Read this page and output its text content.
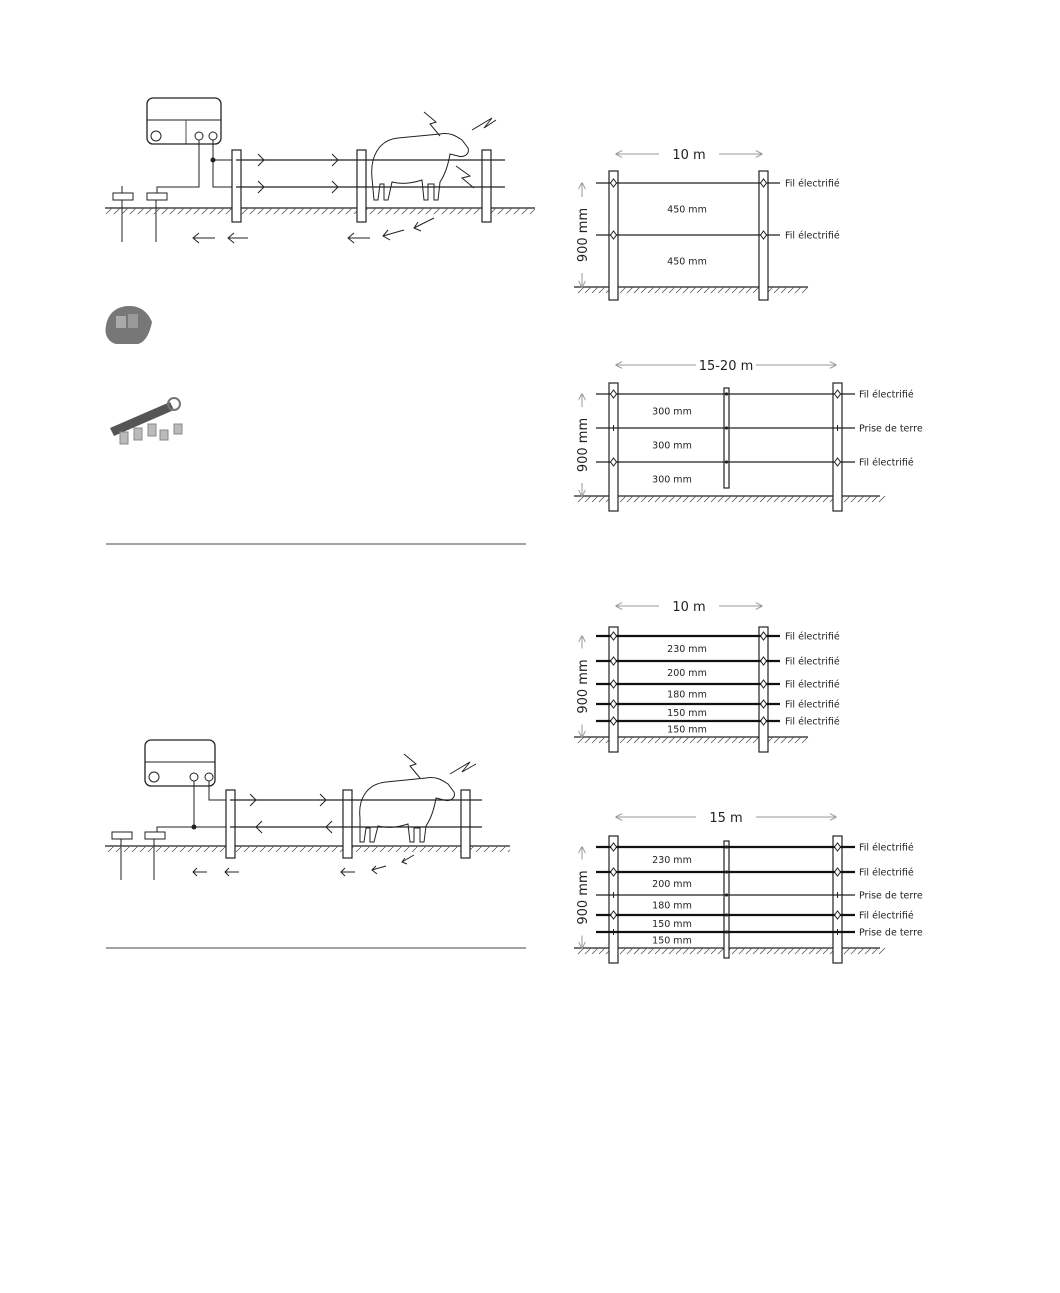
Fil électrifié
Fil électrifié
450 mm
450 mm
10 m
900 mm
Fil électrifié
Prise de terre
Fil électrifié
300 mm
300 mm
300 mm
15-20 m
900 mm
Fil électrifié
Fil électrifié
Fil électrifié
Fil électrifié
Fil électrifié
230 mm
200 mm
180 mm
150 mm
150 mm
10 m
900 mm
Fil électrifié
Fil électrifié
Prise de terre
Fil électrifié
Prise de terre
230 mm
200 mm
180 mm
150 mm
150 mm
15 m
900 mm
